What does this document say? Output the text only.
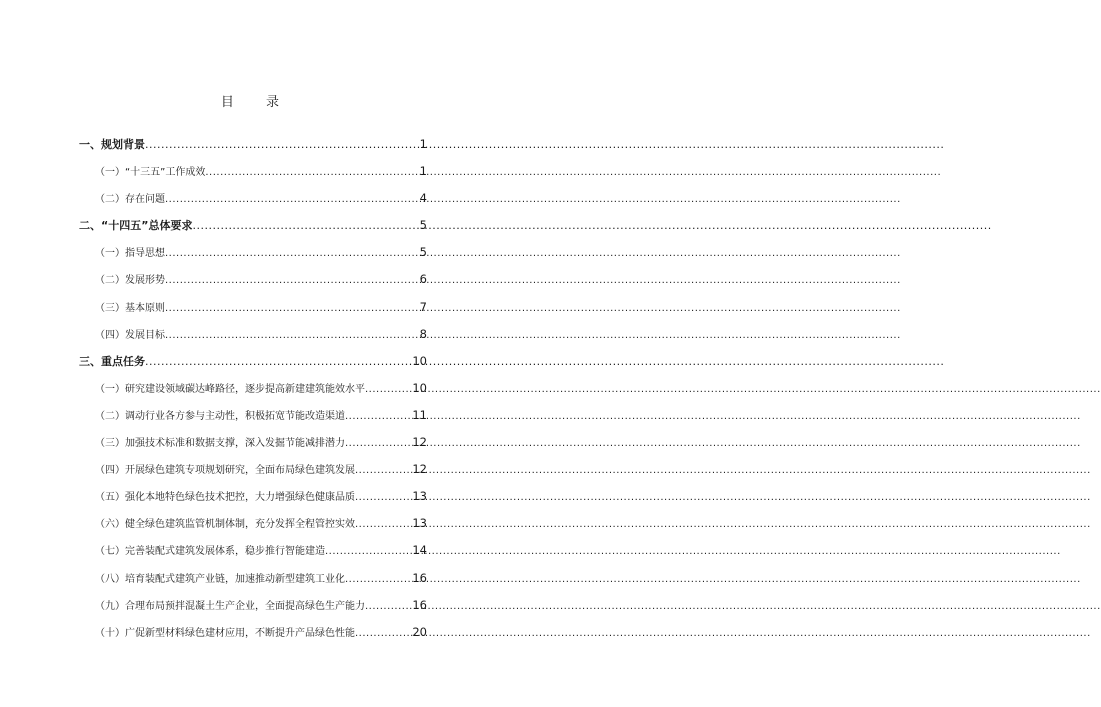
目 录
一、规划背景 .....	1
（一）“十三五”工作成效 .....	1
（二）存在问题 .....	4
二、“十四五”总体要求 .....	5
（一）指导思想 .....	5
（二）发展形势 .....	6
（三）基本原则 .....	7
（四）发展目标 .....	8
三、重点任务 .....	10
（一）研究建设领域碳达峰路径，逐步提高新建建筑能效水平 .....	10
（二）调动行业各方参与主动性，积极拓宽节能改造渠道 .....	11
（三）加强技术标准和数据支撑，深入发掘节能减排潜力 .....	12
（四）开展绿色建筑专项规划研究，全面布局绿色建筑发展 .....	12
（五）强化本地特色绿色技术把控，大力增强绿色健康品质 .....	13
（六）健全绿色建筑监管机制体制，充分发挥全程管控实效 .....	13
（七）完善装配式建筑发展体系，稳步推行智能建造 .....	14
（八）培育装配式建筑产业链，加速推动新型建筑工业化 .....	16
（九）合理布局预拌混凝土生产企业，全面提高绿色生产能力 .....	16
（十）广促新型材料绿色建材应用，不断提升产品绿色性能 .....	20
